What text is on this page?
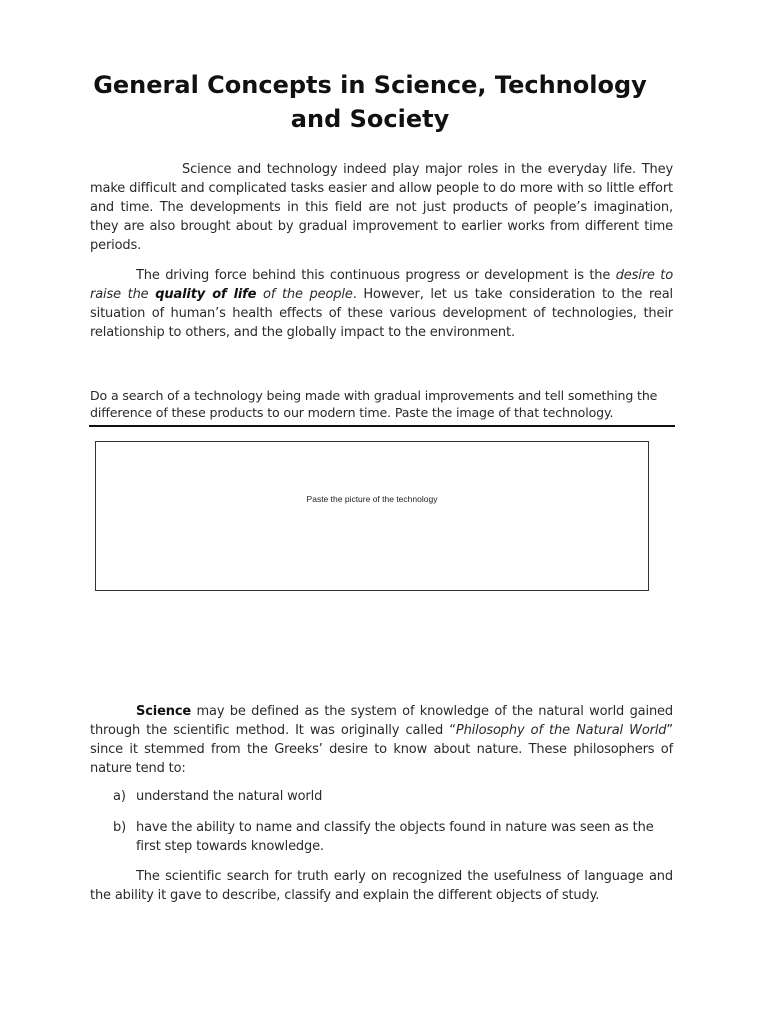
General Concepts in Science, Technology
and Society

Science and technology indeed play major roles in the everyday life. They make difficult and complicated tasks easier and allow people to do more with so little effort and time. The developments in this field are not just products of people’s imagination, they are also brought about by gradual improvement to earlier works from different time periods.

The driving force behind this continuous progress or development is the desire to raise the quality of life of the people. However, let us take consideration to the real situation of human’s health effects of these various development of technologies, their relationship to others, and the globally impact to the environment.

Do a search of a technology being made with gradual improvements and tell something the difference of these products to our modern time. Paste the image of that technology.

Paste the picture of the technology

Science may be defined as the system of knowledge of the natural world gained through the scientific method. It was originally called “Philosophy of the Natural World” since it stemmed from the Greeks’ desire to know about nature. These philosophers of nature tend to:

a) understand the natural world
b) have the ability to name and classify the objects found in nature was seen as the first step towards knowledge.

The scientific search for truth early on recognized the usefulness of language and the ability it gave to describe, classify and explain the different objects of study.
